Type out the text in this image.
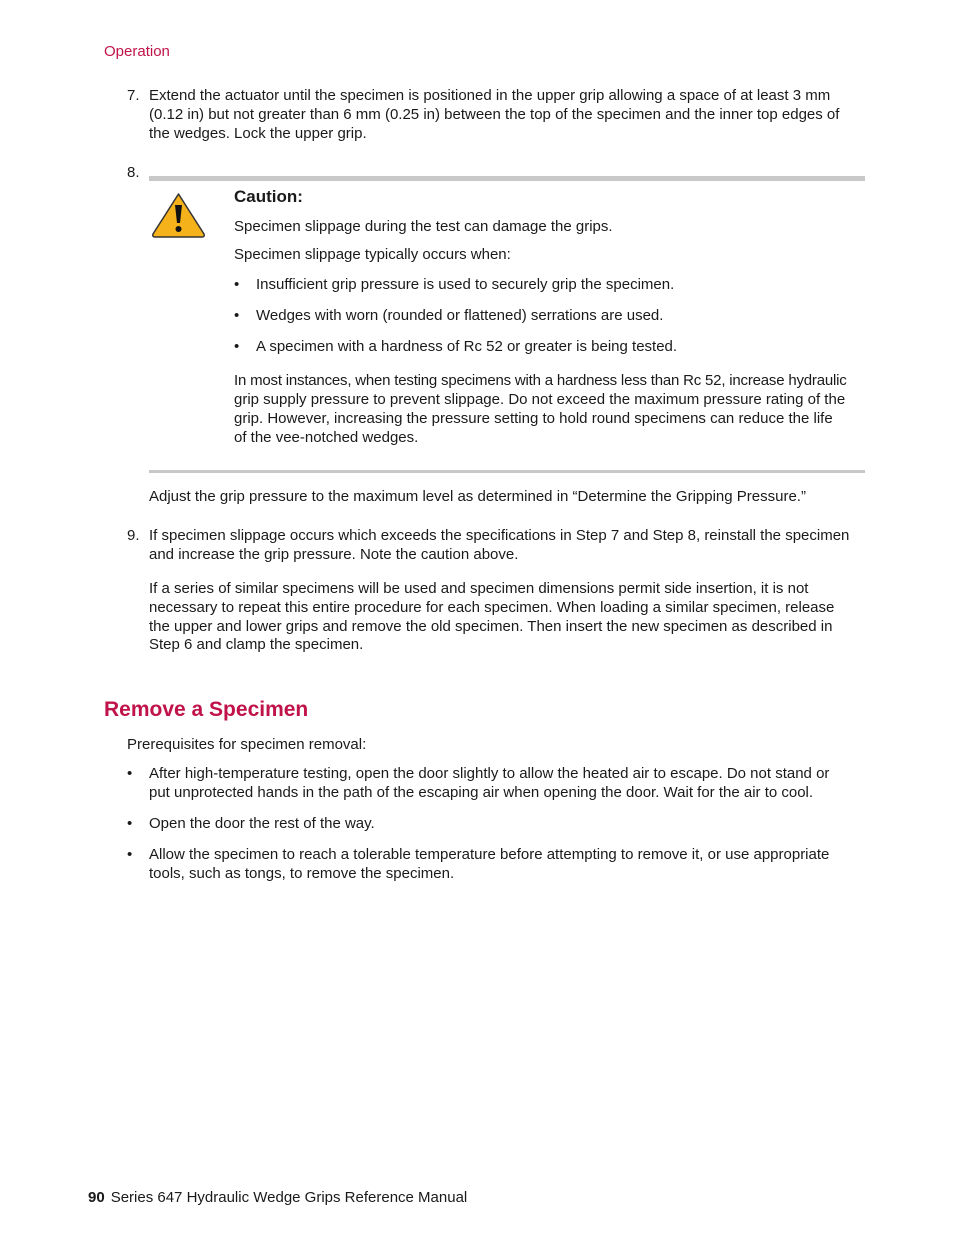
Operation
7. Extend the actuator until the specimen is positioned in the upper grip allowing a space of at least 3 mm
(0.12 in) but not greater than 6 mm (0.25 in) between the top of the specimen and the inner top edges of
the wedges. Lock the upper grip.
8.
Caution:
Specimen slippage during the test can damage the grips.
Specimen slippage typically occurs when:
•	Insufficient grip pressure is used to securely grip the specimen.
•	Wedges with worn (rounded or flattened) serrations are used.
•	A specimen with a hardness of Rc 52 or greater is being tested.
In most instances, when testing specimens with a hardness less than Rc 52, increase hydraulic
grip supply pressure to prevent slippage. Do not exceed the maximum pressure rating of the
grip. However, increasing the pressure setting to hold round specimens can reduce the life
of the vee-notched wedges.
Adjust the grip pressure to the maximum level as determined in “Determine the Gripping Pressure.”
9. If specimen slippage occurs which exceeds the specifications in Step 7 and Step 8, reinstall the specimen
and increase the grip pressure. Note the caution above.
If a series of similar specimens will be used and specimen dimensions permit side insertion, it is not
necessary to repeat this entire procedure for each specimen. When loading a similar specimen, release
the upper and lower grips and remove the old specimen. Then insert the new specimen as described in
Step 6 and clamp the specimen.
Remove a Specimen
Prerequisites for specimen removal:
•	After high-temperature testing, open the door slightly to allow the heated air to escape. Do not stand or
put unprotected hands in the path of the escaping air when opening the door. Wait for the air to cool.
•	Open the door the rest of the way.
•	Allow the specimen to reach a tolerable temperature before attempting to remove it, or use appropriate
tools, such as tongs, to remove the specimen.
90 Series 647 Hydraulic Wedge Grips Reference Manual
